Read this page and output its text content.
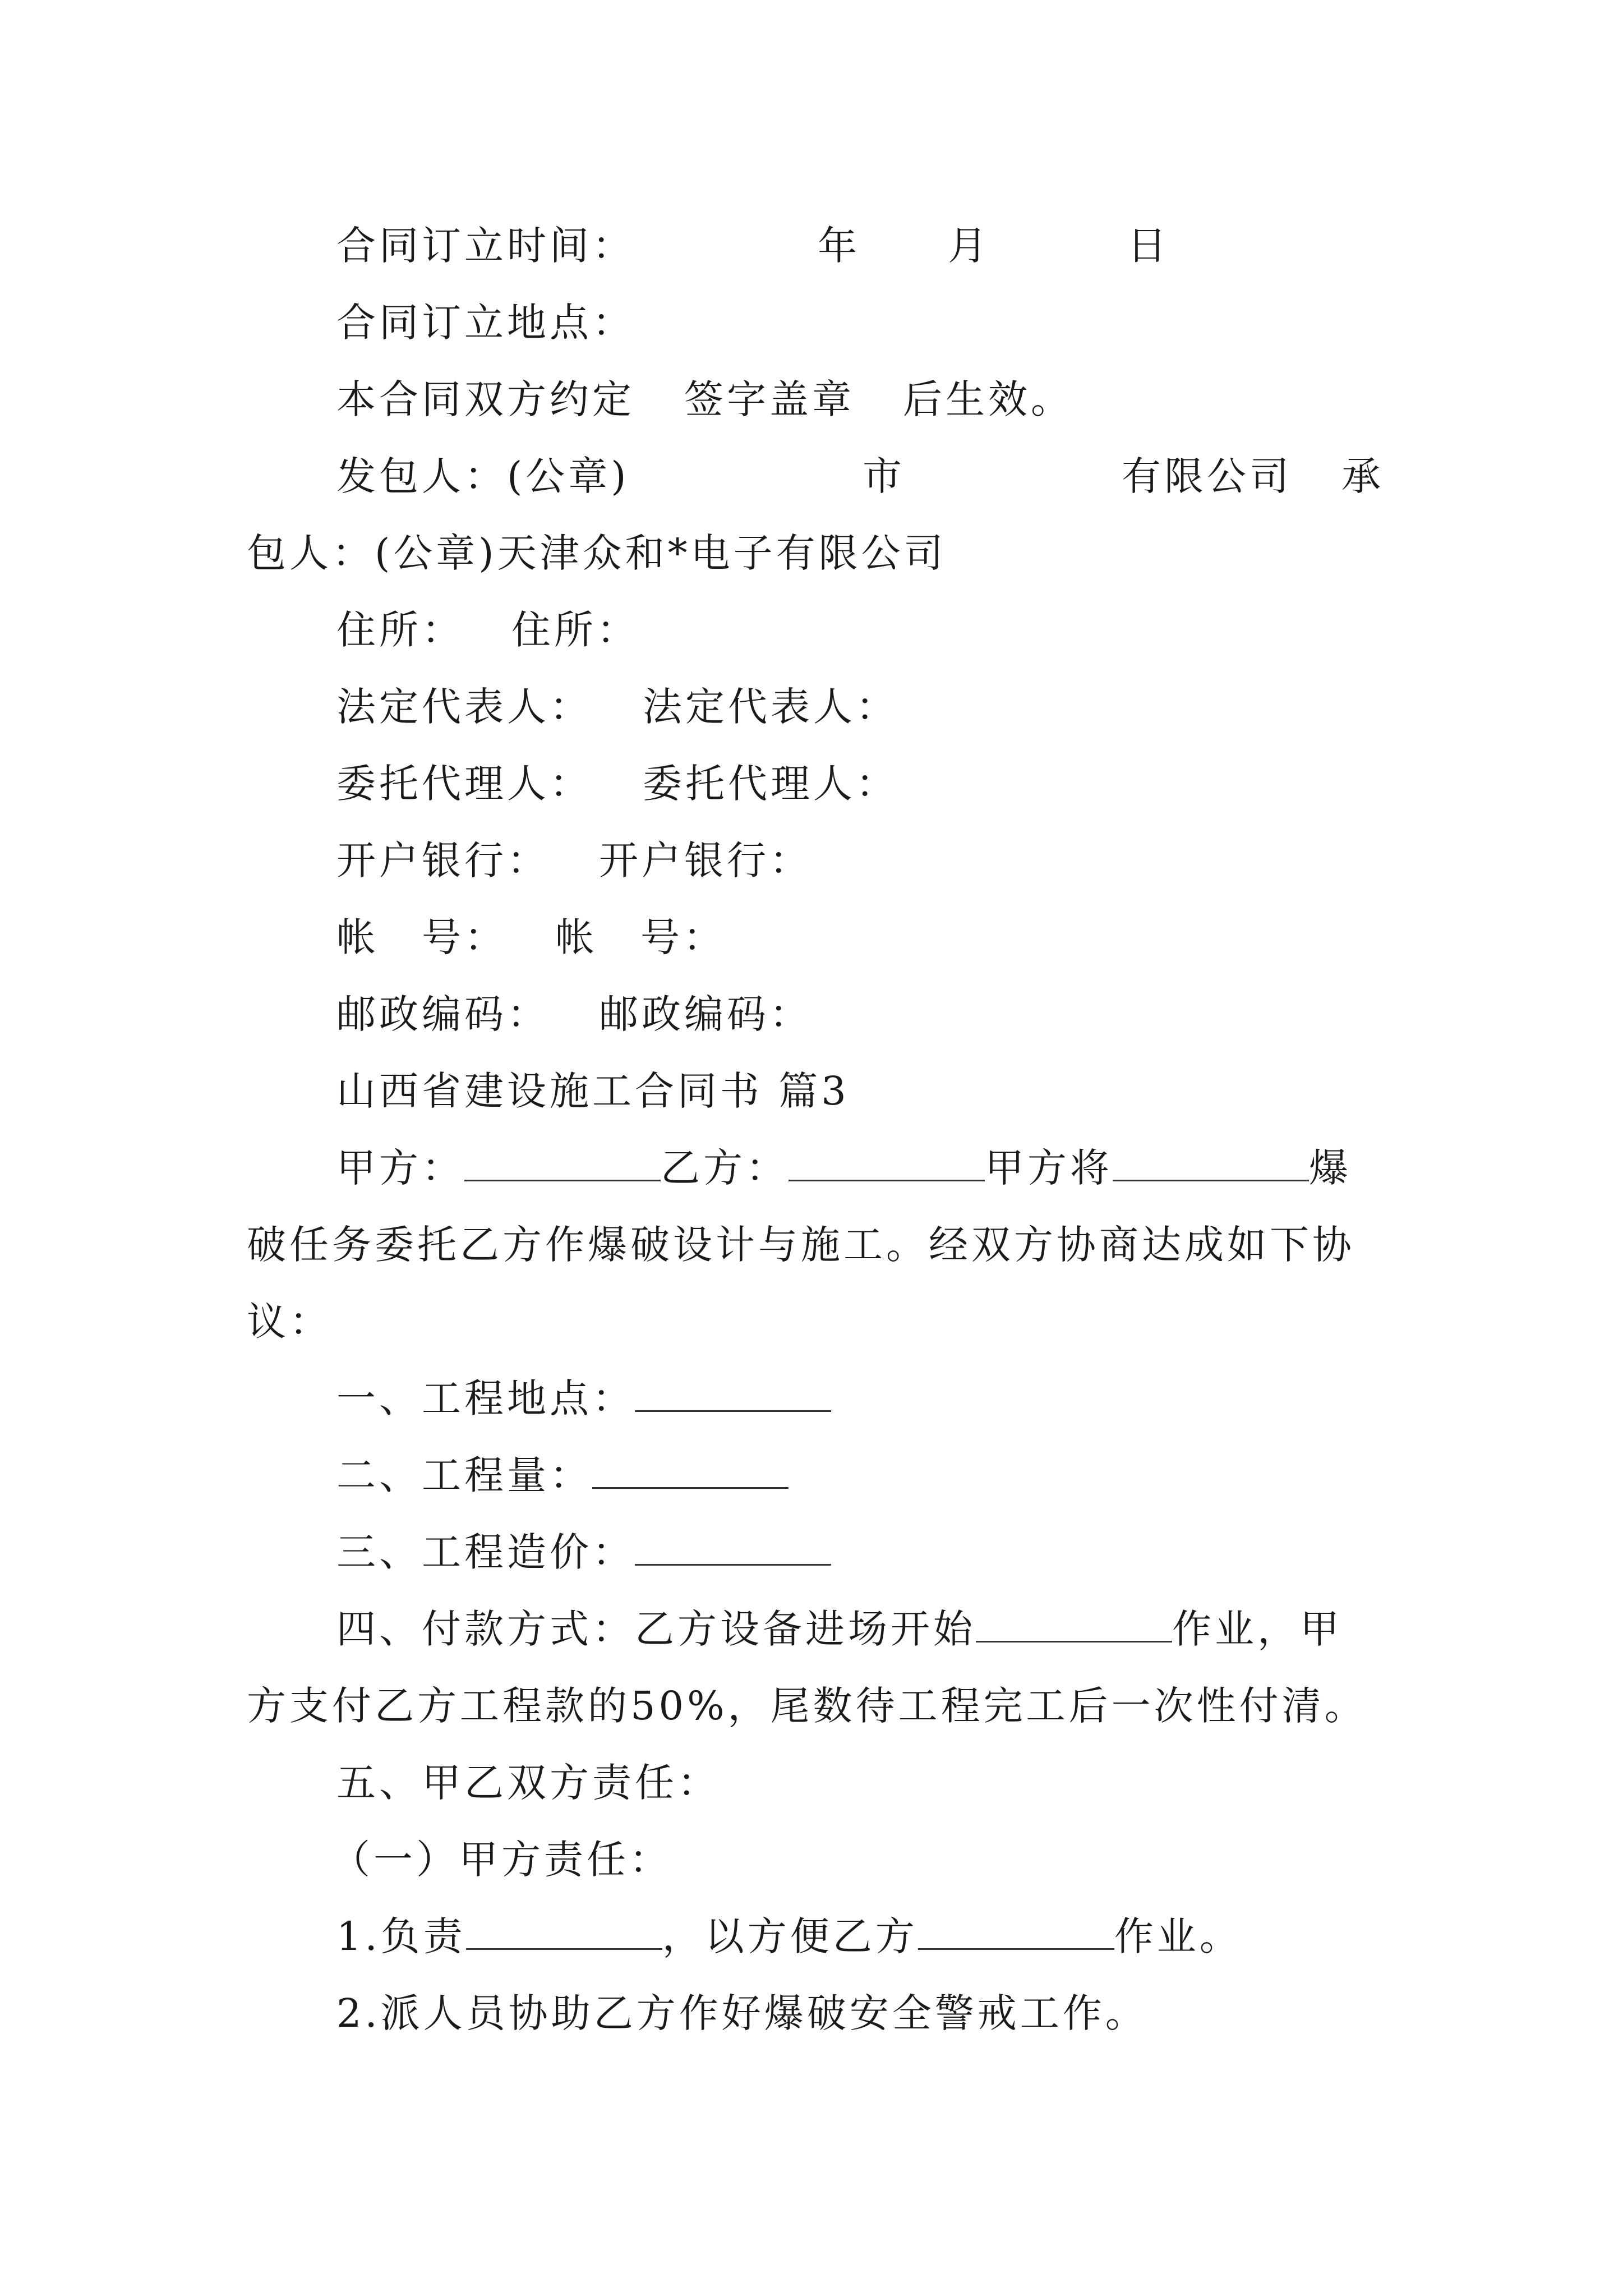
合同订立时间：	年 月	日
合同订立地点：
本合同双方约定 签字盖章 后生效。
发包人：(公章)	市	有限公司 承
包人：(公章)天津众和*电子有限公司
住所： 住所：
法定代表人： 法定代表人：
委托代理人： 委托代理人：
开户银行： 开户银行：
帐　号： 帐　号：
邮政编码： 邮政编码：
山西省建设施工合同书 篇3
甲方：	乙方：	甲方将	爆
破任务委托乙方作爆破设计与施工。经双方协商达成如下协
议：
一、工程地点：
二、工程量：
三、工程造价：
四、付款方式：乙方设备进场开始	作业，甲
方支付乙方工程款的50%，尾数待工程完工后一次性付清。
五、甲乙双方责任：
（一）甲方责任：
1.负责	，以方便乙方	作业。
2.派人员协助乙方作好爆破安全警戒工作。
